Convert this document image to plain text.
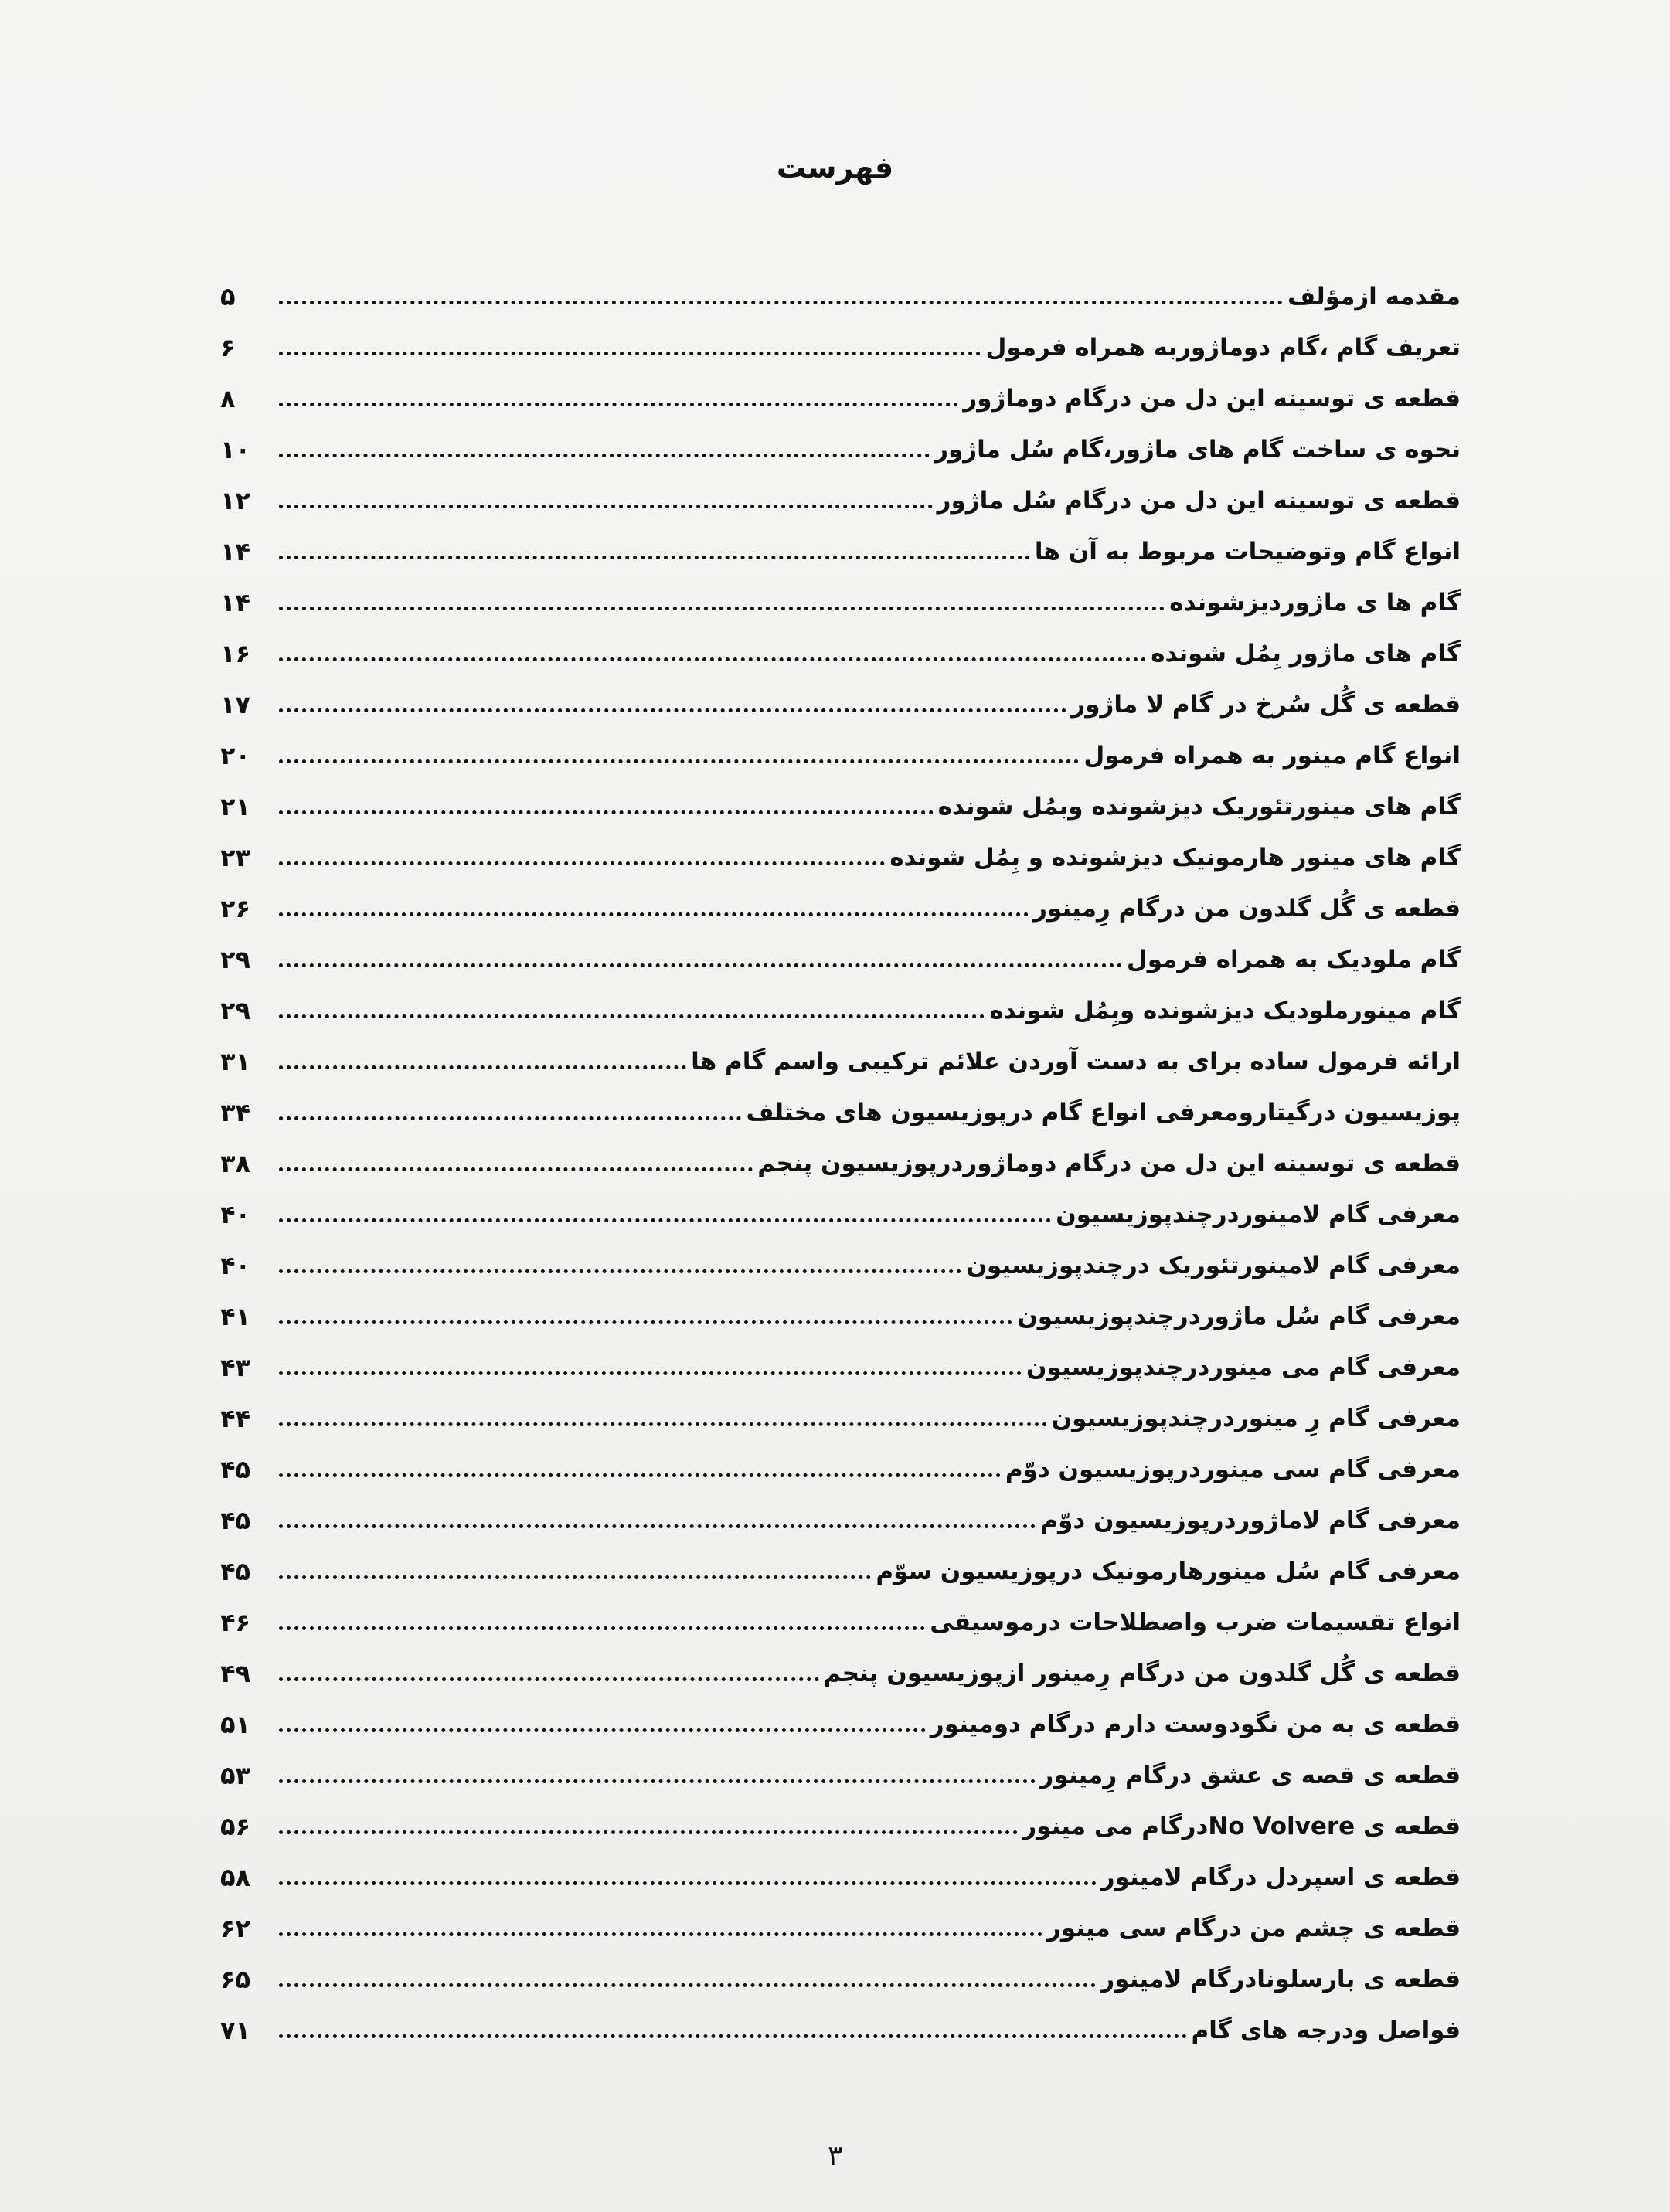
فهرست
مقدمه ازمؤلف
۵
تعریف گام ،گام دوماژوربه همراه فرمول
۶
قطعه ی توسینه این دل من درگام دوماژور
۸
نحوه ی ساخت گام های ماژور،گام سُل ماژور
۱۰
قطعه ی توسینه این دل من درگام سُل ماژور
۱۲
انواع گام وتوضیحات مربوط به آن ها
۱۴
گام ها ی ماژوردیزشونده
۱۴
گام های ماژور بِمُل شونده
۱۶
قطعه ی گُل سُرخ در گام لا ماژور
۱۷
انواع گام مینور به همراه فرمول
۲۰
گام های مینورتئوریک دیزشونده وبمُل شونده
۲۱
گام های مینور هارمونیک دیزشونده و بِمُل شونده
۲۳
قطعه ی گُل گلدون من درگام رِمینور
۲۶
گام ملودیک به همراه فرمول
۲۹
گام مینورملودیک دیزشونده وبِمُل شونده
۲۹
ارائه فرمول ساده برای به دست آوردن علائم ترکیبی واسم گام ها
۳۱
پوزیسیون درگیتارومعرفی انواع گام درپوزیسیون های مختلف
۳۴
قطعه ی توسینه این دل من درگام دوماژوردرپوزیسیون پنجم
۳۸
معرفی گام لامینوردرچندپوزیسیون
۴۰
معرفی گام لامینورتئوریک درچندپوزیسیون
۴۰
معرفی گام سُل ماژوردرچندپوزیسیون
۴۱
معرفی گام می مینوردرچندپوزیسیون
۴۳
معرفی گام رِ مینوردرچندپوزیسیون
۴۴
معرفی گام سی مینوردرپوزیسیون دوّم
۴۵
معرفی گام لاماژوردرپوزیسیون دوّم
۴۵
معرفی گام سُل مینورهارمونیک درپوزیسیون سوّم
۴۵
انواع تقسیمات ضرب واصطلاحات درموسیقی
۴۶
قطعه ی گُل گلدون من درگام رِمینور ازپوزیسیون پنجم
۴۹
قطعه ی به من نگودوست دارم درگام دومینور
۵۱
قطعه ی قصه ی عشق درگام رِمینور
۵۳
قطعه ی No Volvereدرگام می مینور
۵۶
قطعه ی اسپردل درگام لامینور
۵۸
قطعه ی چشم من درگام سی مینور
۶۲
قطعه ی بارسلونادرگام لامینور
۶۵
فواصل ودرجه های گام
۷۱
۳
